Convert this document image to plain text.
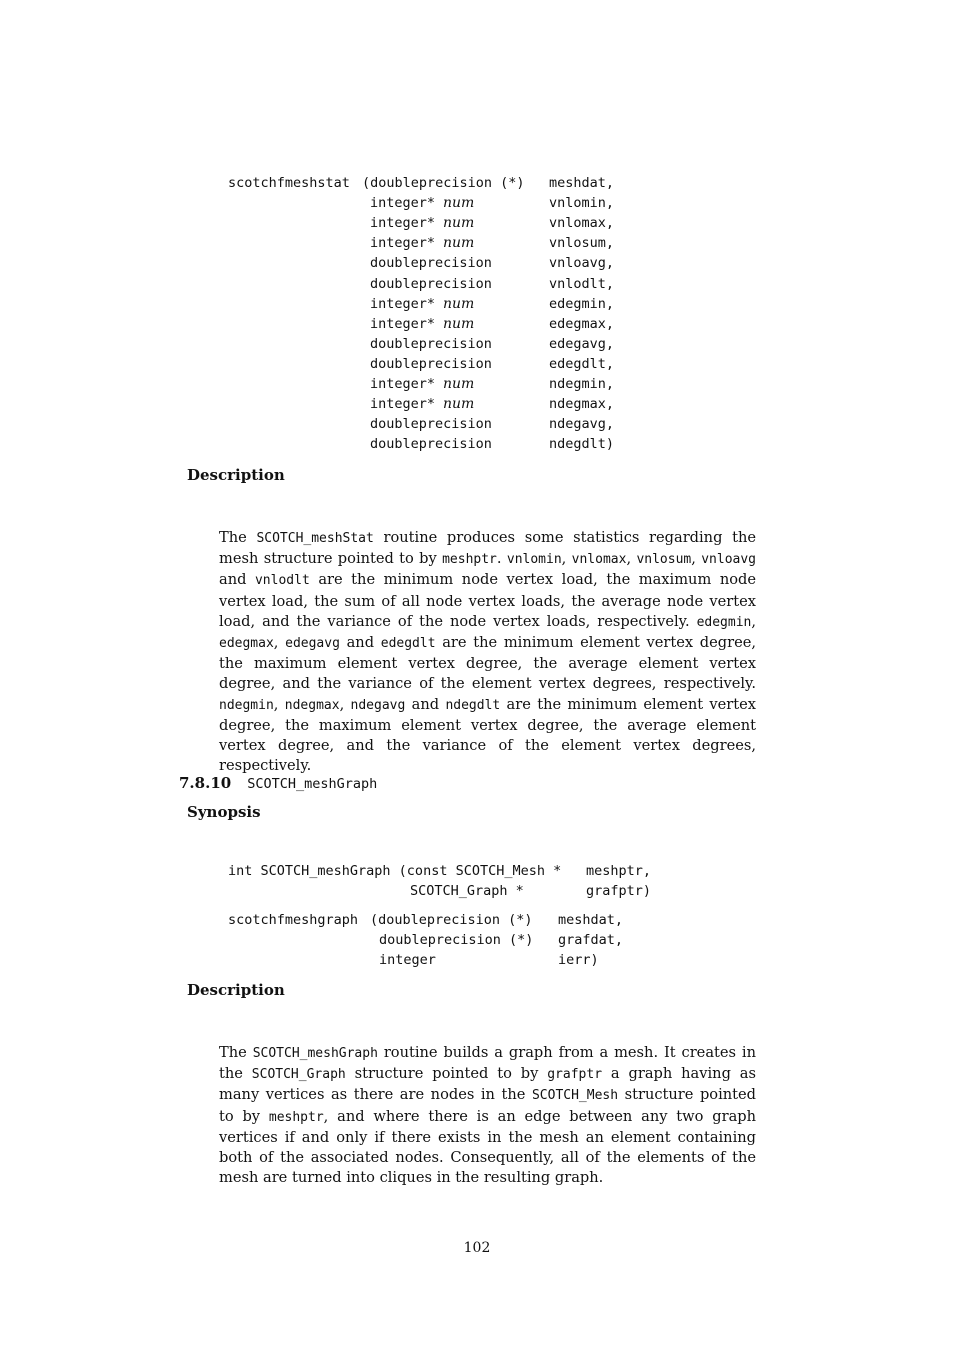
scotchfmeshstat (doubleprecision (*) meshdat,
integer* num	vnlomin,
integer* num	vnlomax,
integer* num	vnlosum,
doubleprecision	vnloavg,
doubleprecision	vnlodlt,
integer* num	edegmin,
integer* num	edegmax,
doubleprecision	edegavg,
doubleprecision	edegdlt,
integer* num	ndegmin,
integer* num	ndegmax,
doubleprecision	ndegavg,
doubleprecision	ndegdlt)
Description

The SCOTCH_meshStat routine produces some statistics regarding the mesh structure pointed to by meshptr. vnlomin, vnlomax, vnlosum, vnloavg and vnlodlt are the minimum node vertex load, the maximum node vertex load, the sum of all node vertex loads, the average node vertex load, and the variance of the node vertex loads, respectively. edegmin, edegmax, edegavg and edegdlt are the minimum element vertex degree, the maximum element vertex degree, the average element vertex degree, and the variance of the element vertex degrees, respectively. ndegmin, ndegmax, ndegavg and ndegdlt are the minimum element vertex degree, the maximum element vertex degree, the average element vertex degree, and the variance of the element vertex degrees, respectively.

7.8.10 SCOTCH_meshGraph
Synopsis
int SCOTCH_meshGraph (const SCOTCH_Mesh * meshptr,
SCOTCH_Graph *	grafptr)
scotchfmeshgraph (doubleprecision (*) meshdat,
doubleprecision (*) grafdat,
integer	ierr)
Description

The SCOTCH_meshGraph routine builds a graph from a mesh. It creates in the SCOTCH_Graph structure pointed to by grafptr a graph having as many vertices as there are nodes in the SCOTCH_Mesh structure pointed to by meshptr, and where there is an edge between any two graph vertices if and only if there exists in the mesh an element containing both of the associated nodes. Consequently, all of the elements of the mesh are turned into cliques in the resulting graph.

102
